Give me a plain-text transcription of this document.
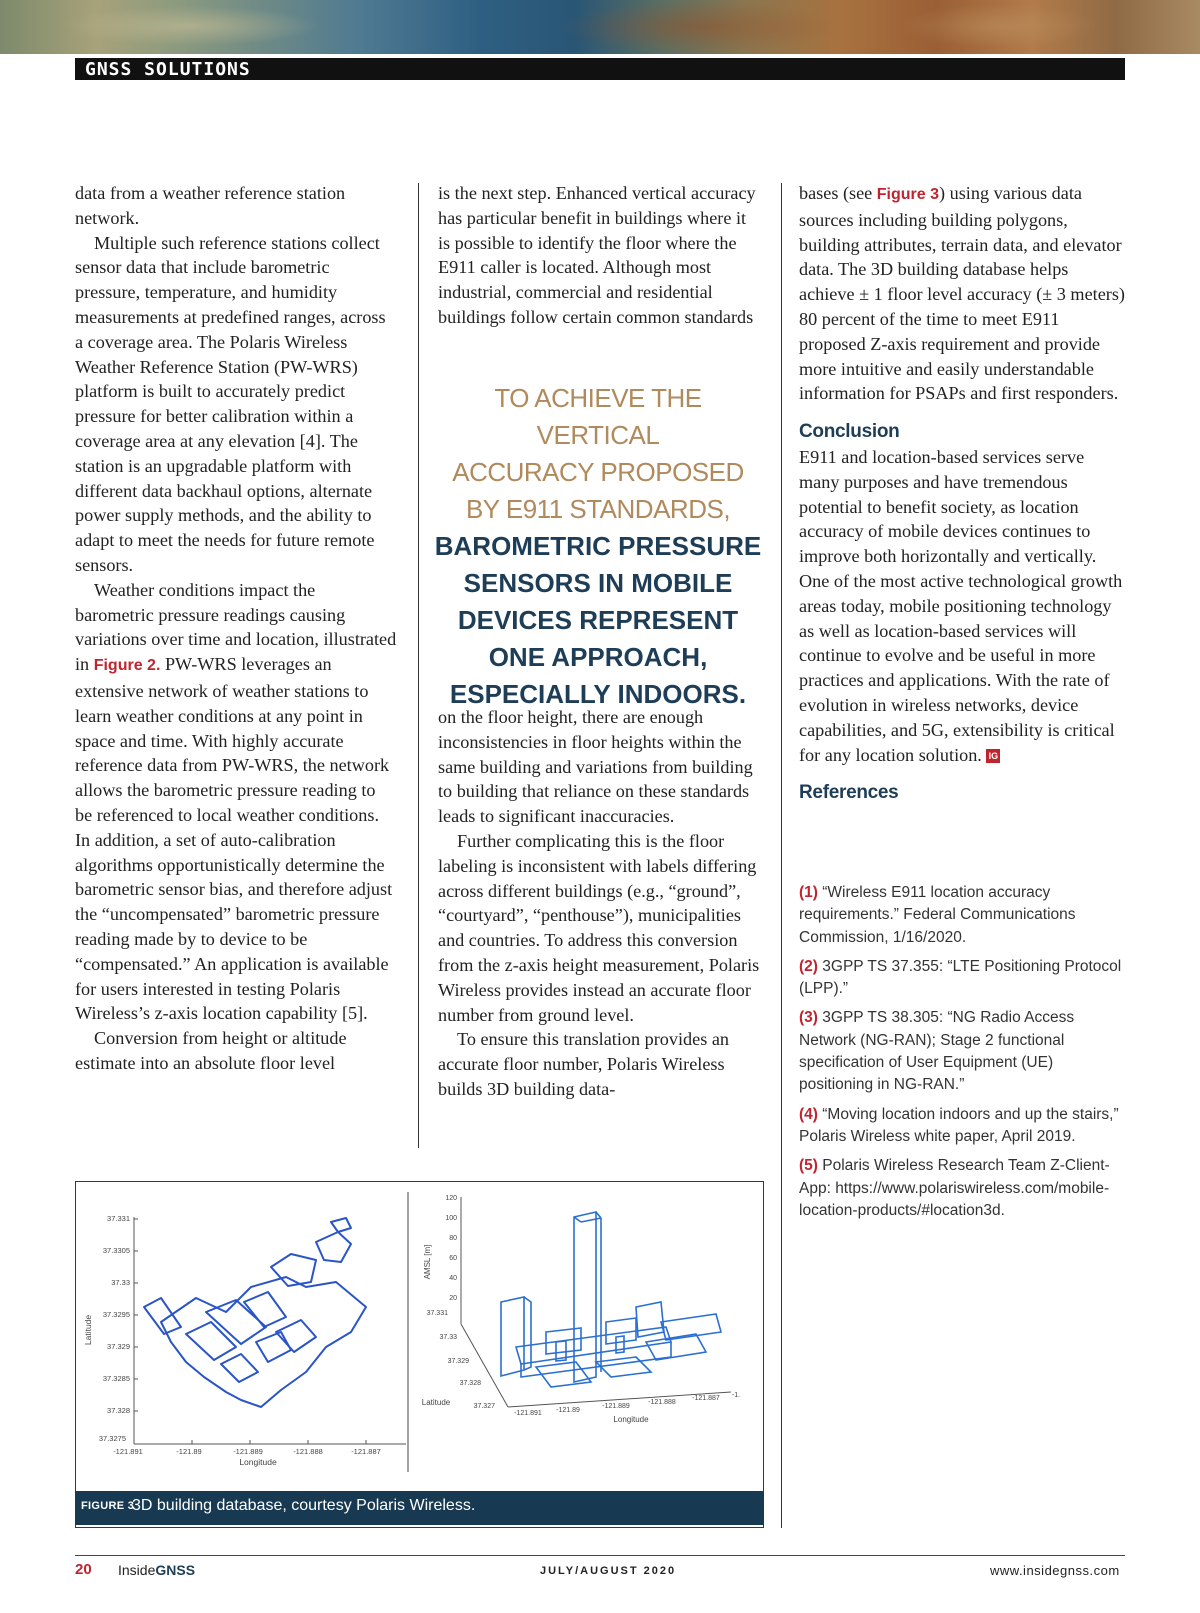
GNSS SOLUTIONS

data from a weather reference station network.

Multiple such reference stations collect sensor data that include barometric pressure, temperature, and humidity measurements at predefined ranges, across a coverage area. The Polaris Wireless Weather Reference Station (PW-WRS) platform is built to accurately predict pressure for better calibration within a coverage area at any elevation [4]. The station is an upgradable platform with different data backhaul options, alternate power supply methods, and the ability to adapt to meet the needs for future remote sensors.

Weather conditions impact the barometric pressure readings causing variations over time and location, illustrated in Figure 2. PW-WRS leverages an extensive network of weather stations to learn weather conditions at any point in space and time. With highly accurate reference data from PW-WRS, the network allows the barometric pressure reading to be referenced to local weather conditions. In addition, a set of auto-calibration algorithms opportunistically determine the barometric sensor bias, and therefore adjust the “uncompensated” barometric pressure reading made by to device to be “compensated.” An application is available for users interested in testing Polaris Wireless’s z-axis location capability [5].

Conversion from height or altitude estimate into an absolute floor level

is the next step. Enhanced vertical accuracy has particular benefit in buildings where it is possible to identify the floor where the E911 caller is located. Although most industrial, commercial and residential buildings follow certain common standards

TO ACHIEVE THE VERTICAL
ACCURACY PROPOSED
BY E911 STANDARDS,
BAROMETRIC PRESSURE
SENSORS IN MOBILE
DEVICES REPRESENT
ONE APPROACH,
ESPECIALLY INDOORS.

on the floor height, there are enough inconsistencies in floor heights within the same building and variations from building to building that reliance on these standards leads to significant inaccuracies.

Further complicating this is the floor labeling is inconsistent with labels differing across different buildings (e.g., “ground”, “courtyard”, “penthouse”), municipalities and countries. To address this conversion from the z-axis height measurement, Polaris Wireless provides instead an accurate floor number from ground level.

To ensure this translation provides an accurate floor number, Polaris Wireless builds 3D building data-

bases (see Figure 3) using various data sources including building polygons, building attributes, terrain data, and elevator data. The 3D building database helps achieve ± 1 floor level accuracy (± 3 meters) 80 percent of the time to meet E911 proposed Z-axis requirement and provide more intuitive and easily understandable information for PSAPs and first responders.

Conclusion

E911 and location-based services serve many purposes and have tremendous potential to benefit society, as location accuracy of mobile devices continues to improve both horizontally and vertically. One of the most active technological growth areas today, mobile positioning technology as well as location-based services will continue to evolve and be useful in more practices and applications. With the rate of evolution in wireless networks, device capabilities, and 5G, extensibility is critical for any location solution. IG

References

(1) “Wireless E911 location accuracy requirements.” Federal Communications Commission, 1/16/2020.

(2) 3GPP TS 37.355: “LTE Positioning Protocol (LPP).”

(3) 3GPP TS 38.305: “NG Radio Access Network (NG-RAN); Stage 2 functional specification of User Equipment (UE) positioning in NG-RAN.”

(4) “Moving location indoors and up the stairs,” Polaris Wireless white paper, April 2019.

(5) Polaris Wireless Research Team Z-Client-App: https://www.polariswireless.com/mobile-location-products/#location3d.

37.331
37.3305
37.33
37.3295
37.329
37.3285
37.328
37.3275
-121.891	-121.89	-121.889	-121.888	-121.887
Longitude
Latitude
120
100
80
60
40
20
AMSL [m]
37.331
37.33
37.329
37.328
37.327
Latitude
-121.891 -121.89
-121.889
-121.888
-121.887 -1.
Longitude
FIGURE 3
3D building database, courtesy Polaris Wireless.
20 InsideGNSS	JULY/AUGUST 2020	www.insidegnss.com
